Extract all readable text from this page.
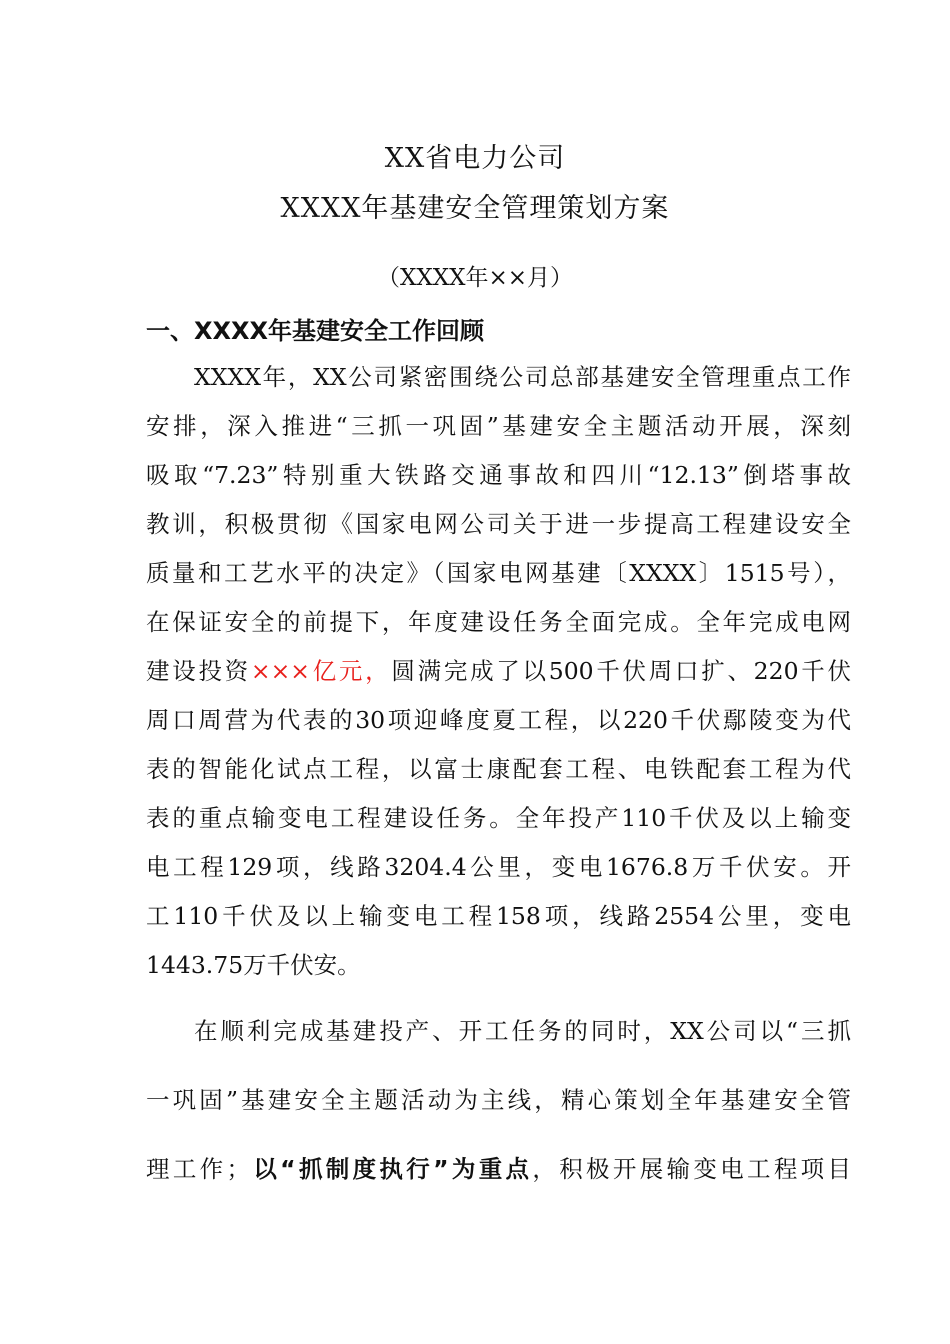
XX省电力公司
XXXX年基建安全管理策划方案
（XXXX年××月）
一、XXXX年基建安全工作回顾
XXXX年，XX公司紧密围绕公司总部基建安全管理重点工作
安排，深入推进“三抓一巩固”基建安全主题活动开展，深刻
吸取“7.23”特别重大铁路交通事故和四川“12.13”倒塔事故
教训，积极贯彻《国家电网公司关于进一步提高工程建设安全
质量和工艺水平的决定》（国家电网基建〔XXXX〕1515号），
在保证安全的前提下，年度建设任务全面完成。全年完成电网
建设投资×××亿元，圆满完成了以500千伏周口扩、220千伏
周口周营为代表的30项迎峰度夏工程，以220千伏鄢陵变为代
表的智能化试点工程，以富士康配套工程、电铁配套工程为代
表的重点输变电工程建设任务。全年投产110千伏及以上输变
电工程129项，线路3204.4公里，变电1676.8万千伏安。开
工110千伏及以上输变电工程158项，线路2554公里，变电
1443.75万千伏安。
在顺利完成基建投产、开工任务的同时，XX公司以“三抓
一巩固”基建安全主题活动为主线，精心策划全年基建安全管
理工作；以“抓制度执行”为重点，积极开展输变电工程项目
